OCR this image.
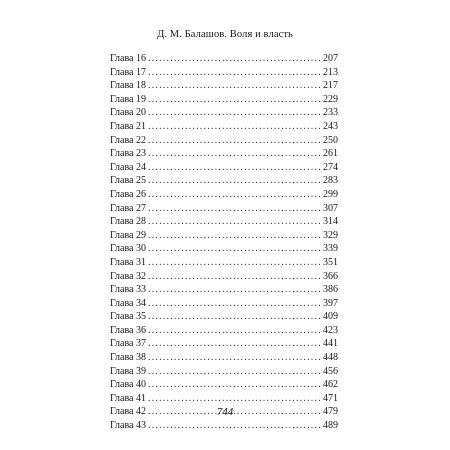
Д. М. Балашов. Воля и власть
Глава 16 .....	207
Глава 17 .....	213
Глава 18 .....	217
Глава 19 .....	229
Глава 20 .....	233
Глава 21 .....	243
Глава 22 .....	250
Глава 23 .....	261
Глава 24 .....	274
Глава 25 .....	283
Глава 26 .....	299
Глава 27 .....	307
Глава 28 .....	314
Глава 29 .....	329
Глава 30 .....	339
Глава 31 .....	351
Глава 32 .....	366
Глава 33 .....	386
Глава 34 .....	397
Глава 35 .....	409
Глава 36 .....	423
Глава 37 .....	441
Глава 38 .....	448
Глава 39 .....	456
Глава 40 .....	462
Глава 41 .....	471
Глава 42 .....	479
Глава 43 .....	489
744
